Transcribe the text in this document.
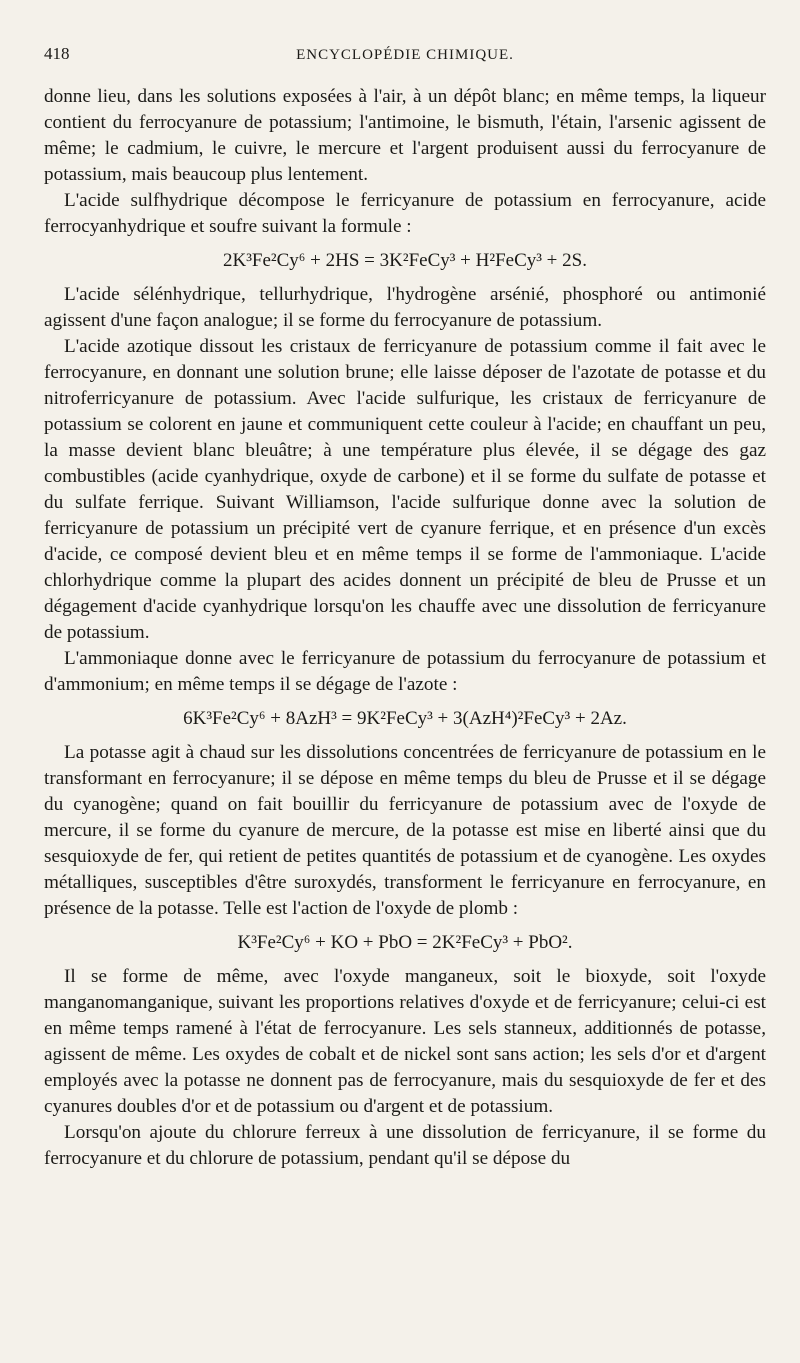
418	ENCYCLOPÉDIE CHIMIQUE.

donne lieu, dans les solutions exposées à l'air, à un dépôt blanc; en même temps, la liqueur contient du ferrocyanure de potassium; l'antimoine, le bismuth, l'étain, l'arsenic agissent de même; le cadmium, le cuivre, le mercure et l'argent produisent aussi du ferrocyanure de potassium, mais beaucoup plus lentement.

L'acide sulfhydrique décompose le ferricyanure de potassium en ferrocyanure, acide ferrocyanhydrique et soufre suivant la formule :

2K³Fe²Cy⁶ + 2HS = 3K²FeCy³ + H²FeCy³ + 2S.

L'acide sélénhydrique, tellurhydrique, l'hydrogène arsénié, phosphoré ou antimonié agissent d'une façon analogue; il se forme du ferrocyanure de potassium.

L'acide azotique dissout les cristaux de ferricyanure de potassium comme il fait avec le ferrocyanure, en donnant une solution brune; elle laisse déposer de l'azotate de potasse et du nitroferricyanure de potassium. Avec l'acide sulfurique, les cristaux de ferricyanure de potassium se colorent en jaune et communiquent cette couleur à l'acide; en chauffant un peu, la masse devient blanc bleuâtre; à une température plus élevée, il se dégage des gaz combustibles (acide cyanhydrique, oxyde de carbone) et il se forme du sulfate de potasse et du sulfate ferrique. Suivant Williamson, l'acide sulfurique donne avec la solution de ferricyanure de potassium un précipité vert de cyanure ferrique, et en présence d'un excès d'acide, ce composé devient bleu et en même temps il se forme de l'ammoniaque. L'acide chlorhydrique comme la plupart des acides donnent un précipité de bleu de Prusse et un dégagement d'acide cyanhydrique lorsqu'on les chauffe avec une dissolution de ferricyanure de potassium.

L'ammoniaque donne avec le ferricyanure de potassium du ferrocyanure de potassium et d'ammonium; en même temps il se dégage de l'azote :

6K³Fe²Cy⁶ + 8AzH³ = 9K²FeCy³ + 3(AzH⁴)²FeCy³ + 2Az.

La potasse agit à chaud sur les dissolutions concentrées de ferricyanure de potassium en le transformant en ferrocyanure; il se dépose en même temps du bleu de Prusse et il se dégage du cyanogène; quand on fait bouillir du ferricyanure de potassium avec de l'oxyde de mercure, il se forme du cyanure de mercure, de la potasse est mise en liberté ainsi que du sesquioxyde de fer, qui retient de petites quantités de potassium et de cyanogène. Les oxydes métalliques, susceptibles d'être suroxydés, transforment le ferricyanure en ferrocyanure, en présence de la potasse. Telle est l'action de l'oxyde de plomb :

K³Fe²Cy⁶ + KO + PbO = 2K²FeCy³ + PbO².

Il se forme de même, avec l'oxyde manganeux, soit le bioxyde, soit l'oxyde manganomanganique, suivant les proportions relatives d'oxyde et de ferricyanure; celui-ci est en même temps ramené à l'état de ferrocyanure. Les sels stanneux, additionnés de potasse, agissent de même. Les oxydes de cobalt et de nickel sont sans action; les sels d'or et d'argent employés avec la potasse ne donnent pas de ferrocyanure, mais du sesquioxyde de fer et des cyanures doubles d'or et de potassium ou d'argent et de potassium.

Lorsqu'on ajoute du chlorure ferreux à une dissolution de ferricyanure, il se forme du ferrocyanure et du chlorure de potassium, pendant qu'il se dépose du
